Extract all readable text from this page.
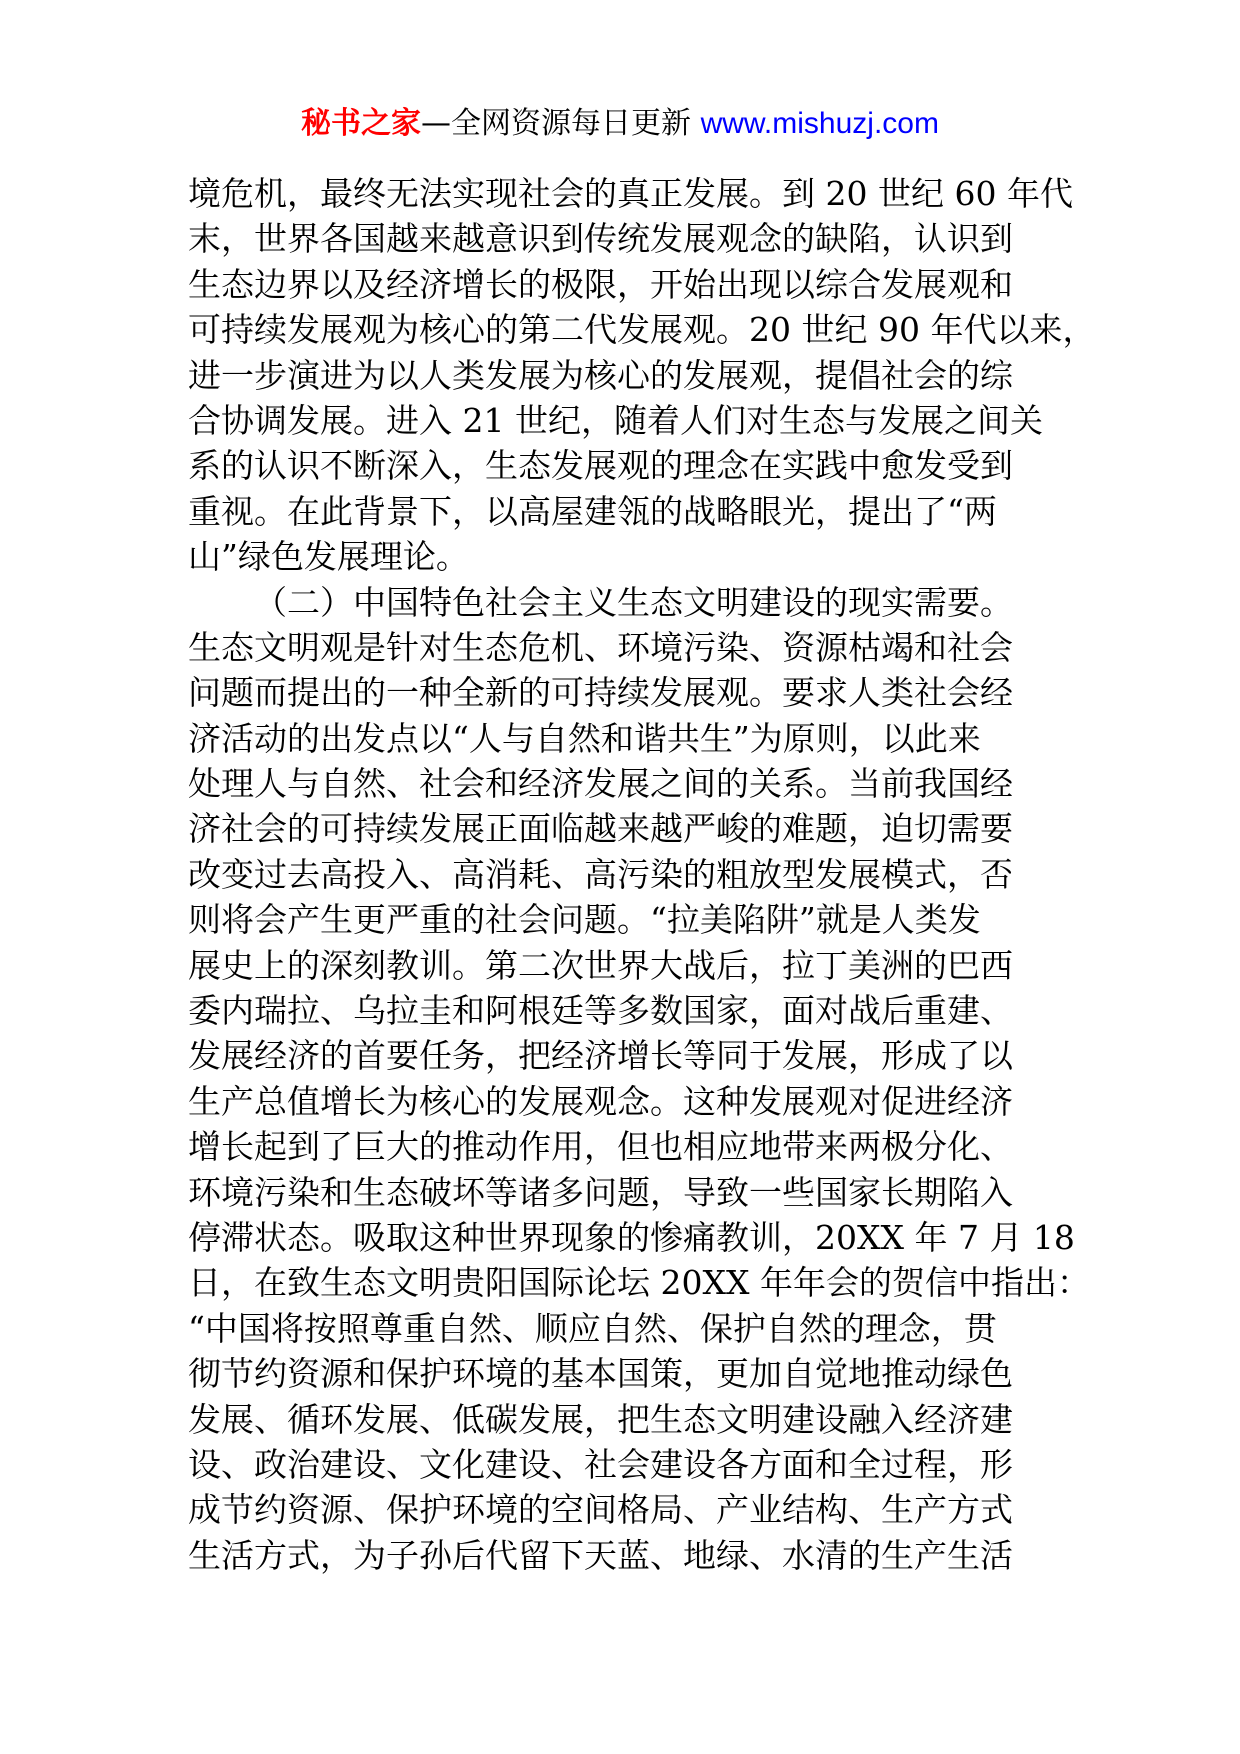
秘书之家—全网资源每日更新 www.mishuzj.com
境危机，最终无法实现社会的真正发展。到 20 世纪 60 年代
末，世界各国越来越意识到传统发展观念的缺陷，认识到
生态边界以及经济增长的极限，开始出现以综合发展观和
可持续发展观为核心的第二代发展观。20 世纪 90 年代以来，
进一步演进为以人类发展为核心的发展观，提倡社会的综
合协调发展。进入 21 世纪，随着人们对生态与发展之间关
系的认识不断深入，生态发展观的理念在实践中愈发受到
重视。在此背景下，以高屋建瓴的战略眼光，提出了“两
山”绿色发展理论。
（二）中国特色社会主义生态文明建设的现实需要。
生态文明观是针对生态危机、环境污染、资源枯竭和社会
问题而提出的一种全新的可持续发展观。要求人类社会经
济活动的出发点以“人与自然和谐共生”为原则，以此来
处理人与自然、社会和经济发展之间的关系。当前我国经
济社会的可持续发展正面临越来越严峻的难题，迫切需要
改变过去高投入、高消耗、高污染的粗放型发展模式，否
则将会产生更严重的社会问题。“拉美陷阱”就是人类发
展史上的深刻教训。第二次世界大战后，拉丁美洲的巴西
委内瑞拉、乌拉圭和阿根廷等多数国家，面对战后重建、
发展经济的首要任务，把经济增长等同于发展，形成了以
生产总值增长为核心的发展观念。这种发展观对促进经济
增长起到了巨大的推动作用，但也相应地带来两极分化、
环境污染和生态破坏等诸多问题，导致一些国家长期陷入
停滞状态。吸取这种世界现象的惨痛教训，20XX 年 7 月 18
日，在致生态文明贵阳国际论坛 20XX 年年会的贺信中指出：
“中国将按照尊重自然、顺应自然、保护自然的理念，贯
彻节约资源和保护环境的基本国策，更加自觉地推动绿色
发展、循环发展、低碳发展，把生态文明建设融入经济建
设、政治建设、文化建设、社会建设各方面和全过程，形
成节约资源、保护环境的空间格局、产业结构、生产方式
生活方式，为子孙后代留下天蓝、地绿、水清的生产生活
